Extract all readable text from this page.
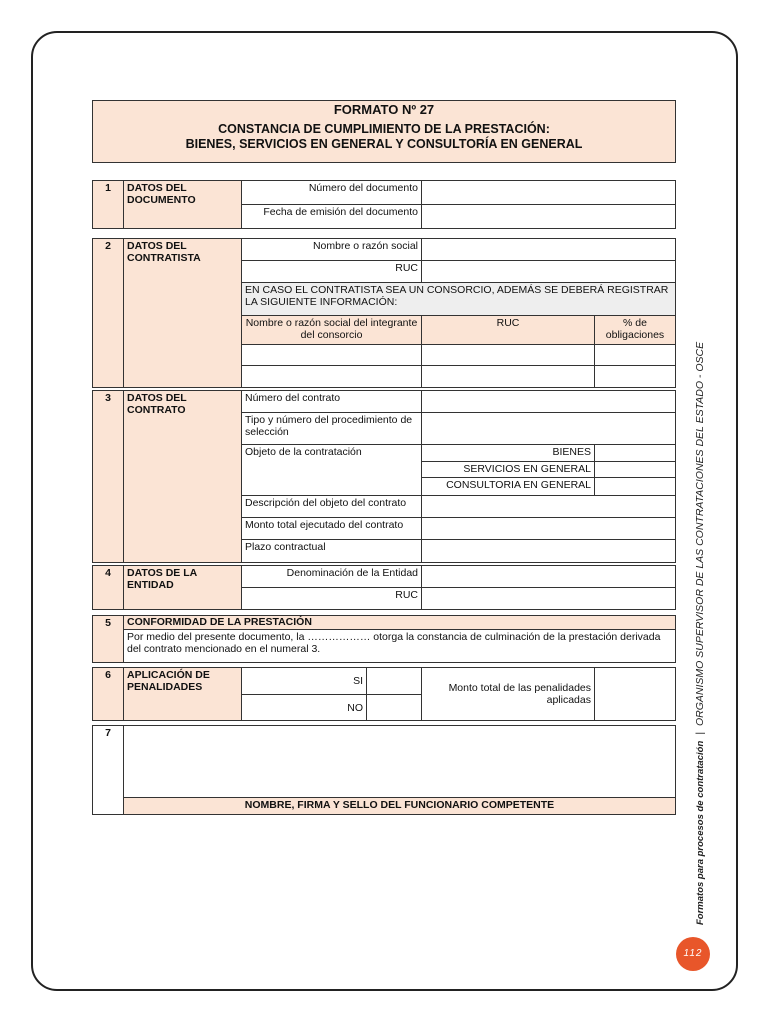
FORMATO Nº 27
CONSTANCIA DE CUMPLIMIENTO DE LA PRESTACIÓN:
BIENES, SERVICIOS EN GENERAL Y CONSULTORÍA EN GENERAL
1	DATOS DEL DOCUMENTO	Número del documento	
		Fecha de emisión del documento	
2	DATOS DEL CONTRATISTA	Nombre o razón social		
		RUC		
		EN CASO EL CONTRATISTA SEA UN CONSORCIO, ADEMÁS SE DEBERÁ REGISTRAR LA SIGUIENTE INFORMACIÓN:		
		Nombre o razón social del integrante del consorcio	RUC	% de obligaciones

3	DATOS DEL CONTRATO	Número del contrato		
		Tipo y número del procedimiento de selección		
		Objeto de la contratación	BIENES	
			SERVICIOS EN GENERAL	
			CONSULTORIA EN GENERAL	
		Descripción del objeto del contrato		
		Monto total ejecutado del contrato		
		Plazo contractual		
4	DATOS DE LA ENTIDAD	Denominación de la Entidad	
		RUC	
5	CONFORMIDAD DE LA PRESTACIÓN
Por medio del presente documento, la ……………… otorga la constancia de culminación de la prestación derivada del contrato mencionado en el numeral 3.
6	APLICACIÓN DE PENALIDADES	SI		Monto total de las penalidades aplicadas	
		NO			
7	
NOMBRE, FIRMA Y SELLO DEL FUNCIONARIO COMPETENTE	Formatos para procesos de contratación|ORGANISMO SUPERVISOR DE LAS CONTRATACIONES DEL ESTADO - OSCE
112
